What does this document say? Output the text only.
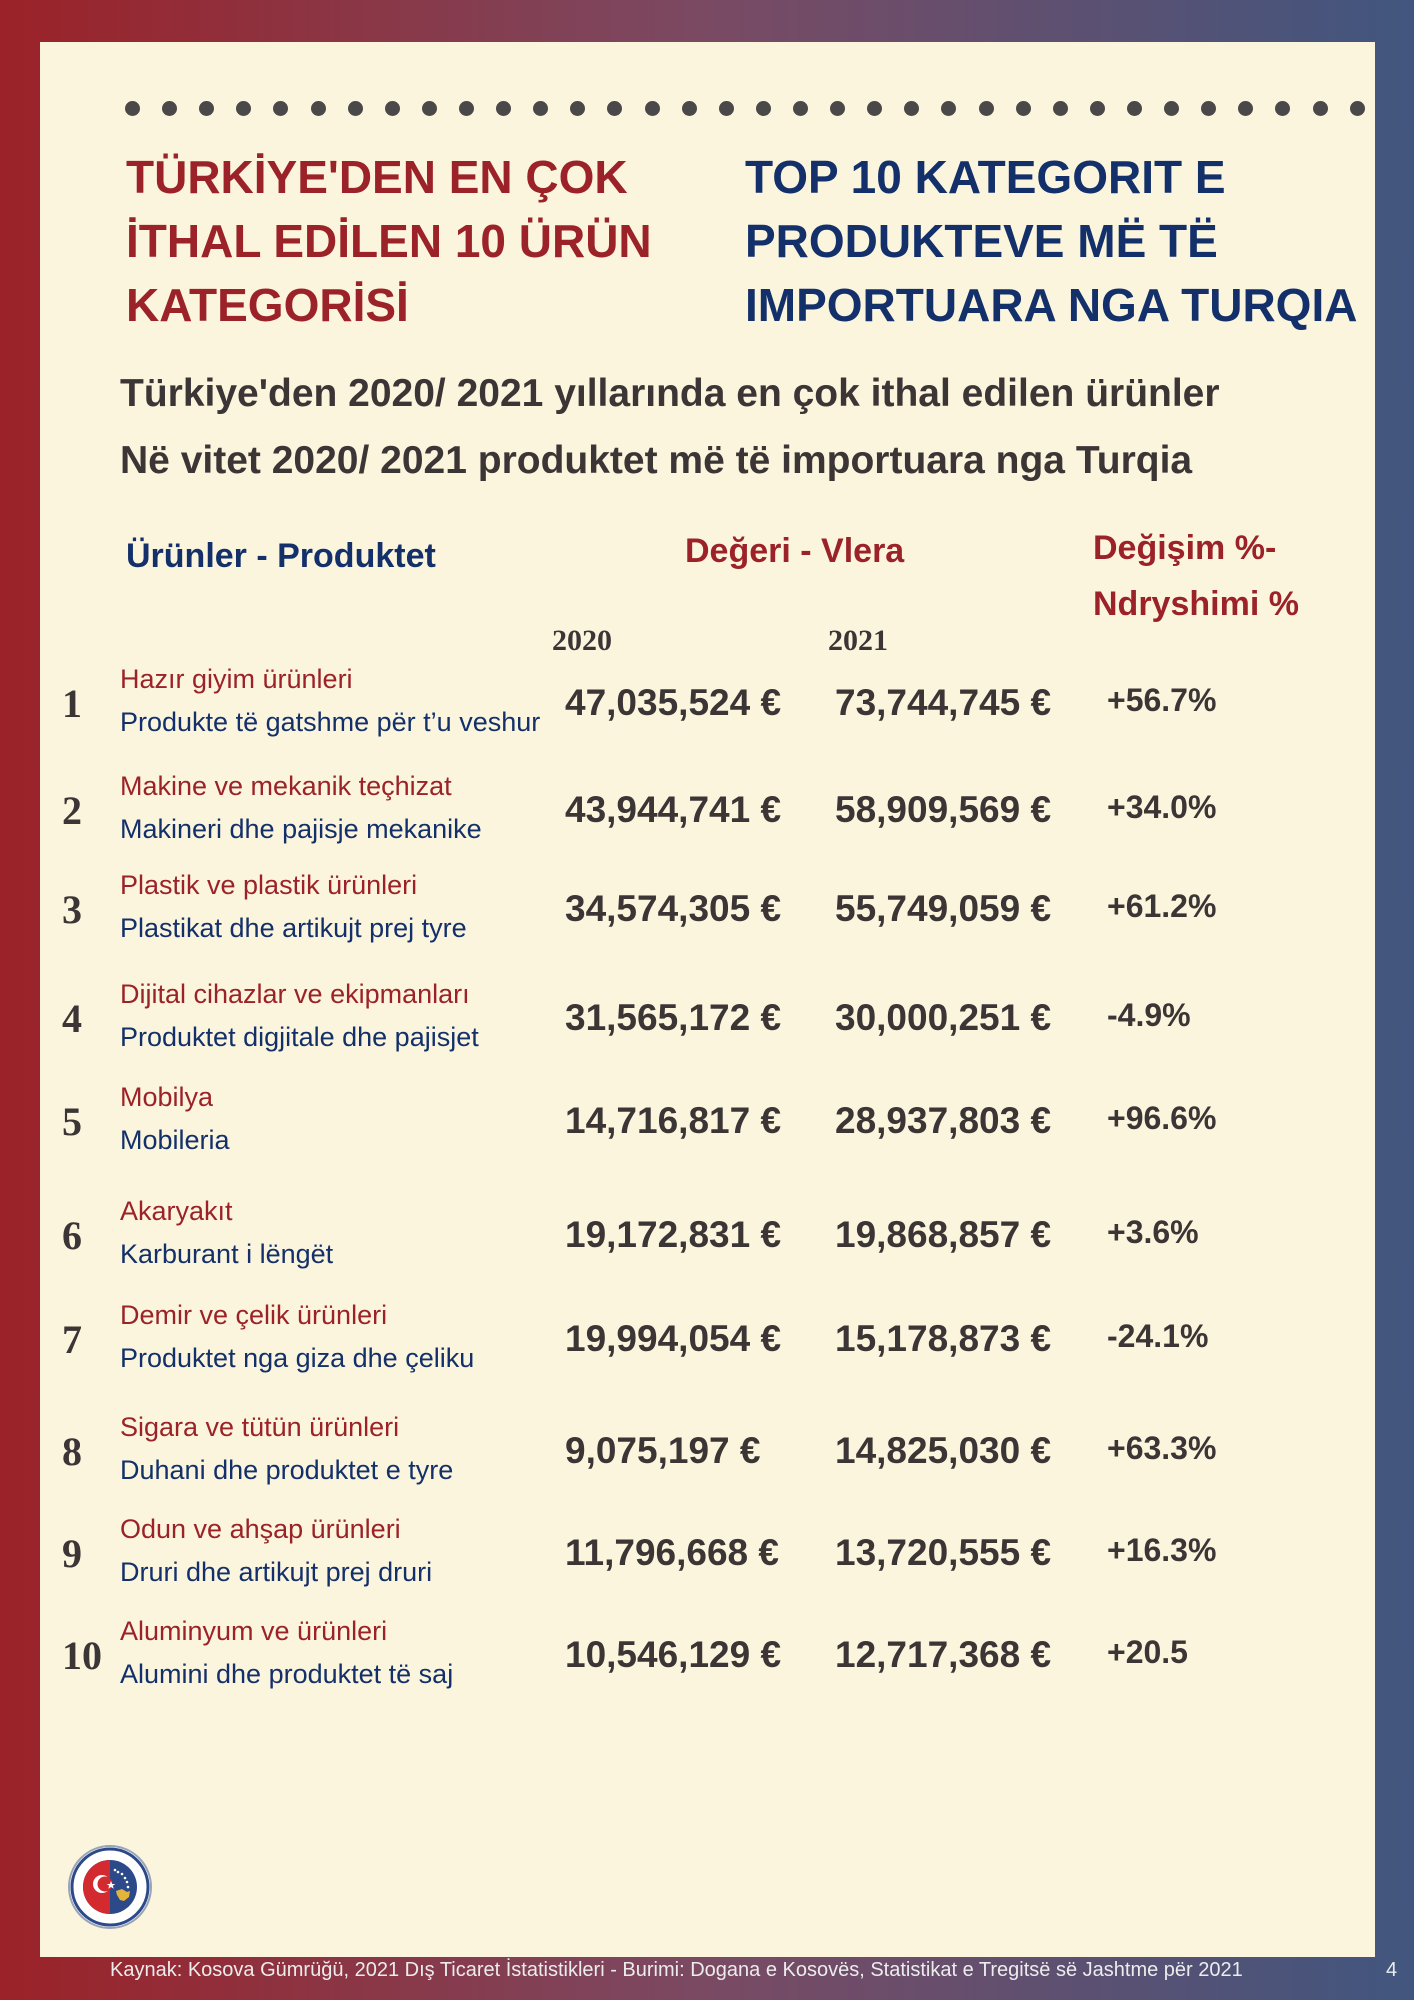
TÜRKİYE'DEN EN ÇOK
İTHAL EDİLEN 10 ÜRÜN
KATEGORİSİ
TOP 10 KATEGORIT E
PRODUKTEVE MË TË
IMPORTUARA NGA TURQIA
Türkiye'den 2020/ 2021 yıllarında en çok ithal edilen ürünler
Në vitet 2020/ 2021 produktet më të importuara nga Turqia
Ürünler - Produktet	Değeri - Vlera	Değişim %-
Ndryshimi %
2020	2021
1
Hazır giyim ürünleri
Produkte të gatshme për t’u veshur 47,035,524 € 73,744,745 € +56.7%
2
Makine ve mekanik teçhizat
Makineri dhe pajisje mekanike 43,944,741 € 58,909,569 € +34.0%
3
Plastik ve plastik ürünleri
Plastikat dhe artikujt prej tyre	34,574,305 € 55,749,059 € +61.2%
4
Dijital cihazlar ve ekipmanları
Produktet digjitale dhe pajisjet 31,565,172 € 30,000,251 € -4.9%
5
Mobilya
Mobileria	14,716,817 € 28,937,803 € +96.6%
6
Akaryakıt
Karburant i lëngët	19,172,831 € 19,868,857 € +3.6%
7
Demir ve çelik ürünleri
Produktet nga giza dhe çeliku 19,994,054 € 15,178,873 € -24.1%
8
Sigara ve tütün ürünleri
Duhani dhe produktet e tyre	9,075,197 € 14,825,030 € +63.3%
9
Odun ve ahşap ürünleri
Druri dhe artikujt prej druri	11,796,668 € 13,720,555 € +16.3%
10
Aluminyum ve ürünleri
Alumini dhe produktet të saj	10,546,129 € 12,717,368 € +20.5
Kaynak: Kosova Gümrüğü, 2021 Dış Ticaret İstatistikleri - Burimi: Dogana e Kosovës, Statistikat e Tregitsë së Jashtme për 2021	4
